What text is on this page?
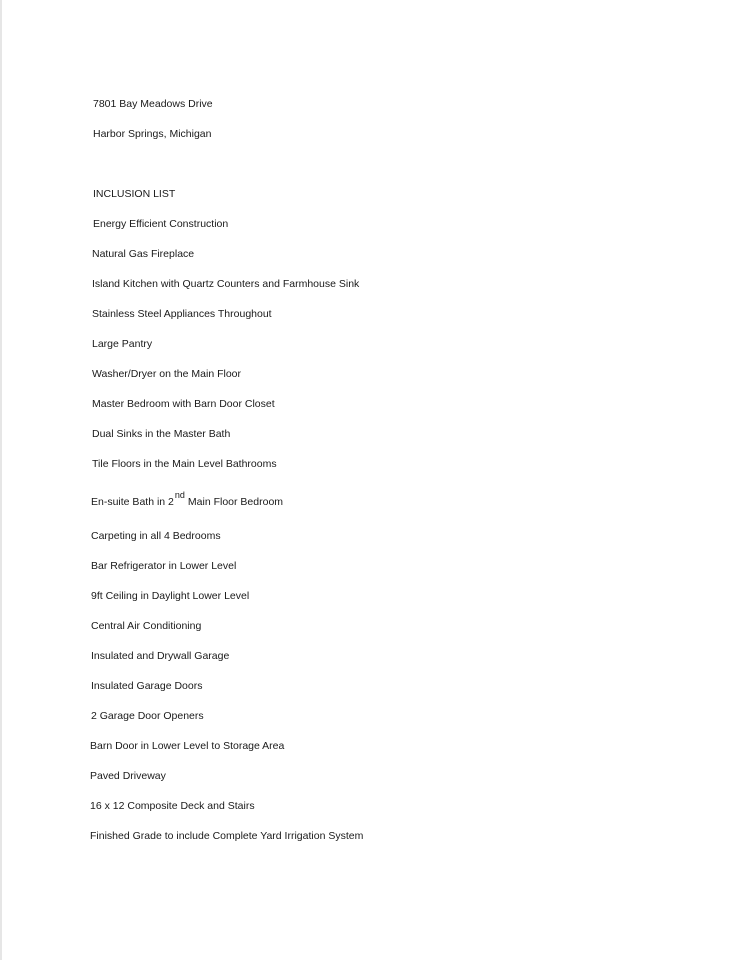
7801 Bay Meadows Drive

Harbor Springs, Michigan

INCLUSION LIST

Energy Efficient Construction

Natural Gas Fireplace

Island Kitchen with Quartz Counters and Farmhouse Sink

Stainless Steel Appliances Throughout

Large Pantry

Washer/Dryer on the Main Floor

Master Bedroom with Barn Door Closet

Dual Sinks in the Master Bath

Tile Floors in the Main Level Bathrooms

En-suite Bath in 2ndMain Floor Bedroom

Carpeting in all 4 Bedrooms

Bar Refrigerator in Lower Level

9ft Ceiling in Daylight Lower Level

Central Air Conditioning

Insulated and Drywall Garage

Insulated Garage Doors

2 Garage Door Openers

Barn Door in Lower Level to Storage Area

Paved Driveway

16 x 12 Composite Deck and Stairs

Finished Grade to include Complete Yard Irrigation System
